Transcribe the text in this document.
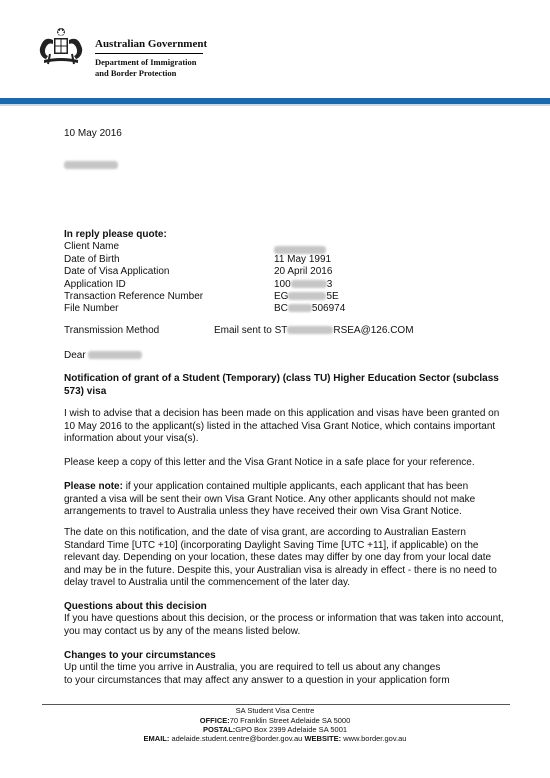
Australian Government
Department of Immigration
and Border Protection
10 May 2016
In reply please quote:
Client Name
Date of Birth	11 May 1991
Date of Visa Application	20 April 2016
Application ID	100	3
Transaction Reference Number	EG	5E
File Number	BC 506974
Transmission Method	Email sent to ST	RSEA@126.COM
Dear
Notification of grant of a Student (Temporary) (class TU) Higher Education Sector (subclass 573) visa
I wish to advise that a decision has been made on this application and visas have been granted on 10 May 2016 to the applicant(s) listed in the attached Visa Grant Notice, which contains important information about your visa(s).
Please keep a copy of this letter and the Visa Grant Notice in a safe place for your reference.
Please note: if your application contained multiple applicants, each applicant that has been granted a visa will be sent their own Visa Grant Notice. Any other applicants should not make arrangements to travel to Australia unless they have received their own Visa Grant Notice.
The date on this notification, and the date of visa grant, are according to Australian Eastern Standard Time [UTC +10] (incorporating Daylight Saving Time [UTC +11], if applicable) on the relevant day. Depending on your location, these dates may differ by one day from your local date and may be in the future. Despite this, your Australian visa is already in effect - there is no need to delay travel to Australia until the commencement of the later day.
Questions about this decision
If you have questions about this decision, or the process or information that was taken into account, you may contact us by any of the means listed below.
Changes to your circumstances
Up until the time you arrive in Australia, you are required to tell us about any changes
to your circumstances that may affect any answer to a question in your application form
SA Student Visa Centre
OFFICE:70 Franklin Street Adelaide SA 5000
POSTAL:GPO Box 2399 Adelaide SA 5001
EMAIL: adelaide.student.centre@border.gov.au WEBSITE: www.border.gov.au
